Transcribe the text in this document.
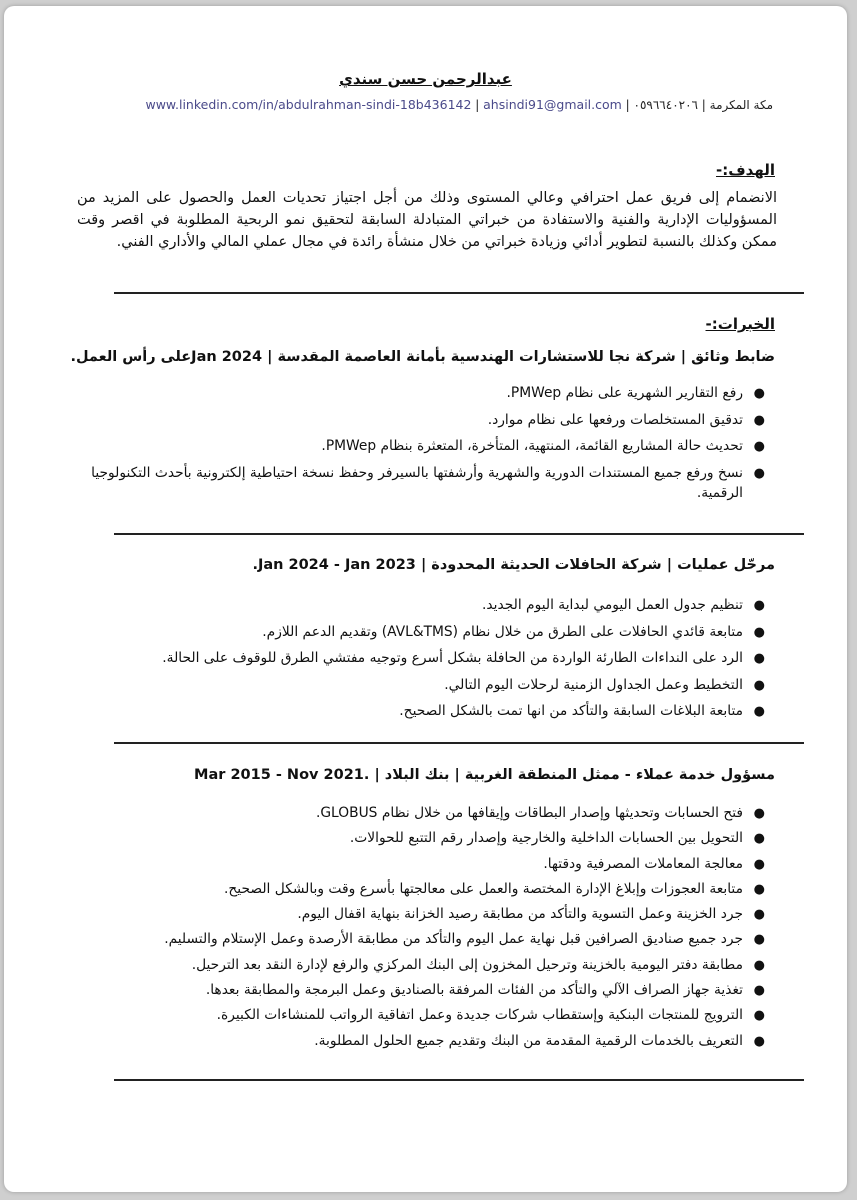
عبدالرحمن حسن سندي
مكة المكرمة | ٠٥٩٦٦٤٠٢٠٦ | ahsindi91@gmail.com | www.linkedin.com/in/abdulrahman-sindi-18b436142
الهدف:-
الانضمام إلى فريق عمل احترافي وعالي المستوى وذلك من أجل اجتياز تحديات العمل والحصول على المزيد من المسؤوليات الإدارية والفنية والاستفادة من خبراتي المتبادلة السابقة لتحقيق نمو الربحية المطلوبة في اقصر وقت ممكن وكذلك بالنسبة لتطوير أدائي وزيادة خبراتي من خلال منشأة رائدة في مجال عملي المالي والأداري الفني.
الخبرات:-
ضابط وثائق | شركة نجا للاستشارات الهندسية بأمانة العاصمة المقدسة | Jan 2024على رأس العمل.
●
رفع التقارير الشهرية على نظام PMWep.
●
تدقيق المستخلصات ورفعها على نظام موارد.
●
تحديث حالة المشاريع القائمة، المنتهية، المتأخرة، المتعثرة بنظام PMWep.
●
نسخ ورفع جميع المستندات الدورية والشهرية وأرشفتها بالسيرفر وحفظ نسخة احتياطية إلكترونية بأحدث التكنولوجيا الرقمية.
مرحّل عمليات | شركة الحافلات الحديثة المحدودة | Jan 2024 - Jan 2023.
●
تنظيم جدول العمل اليومي لبداية اليوم الجديد.
●
متابعة قائدي الحافلات على الطرق من خلال نظام (AVL&TMS) وتقديم الدعم اللازم.
●
الرد على النداءات الطارئة الواردة من الحافلة بشكل أسرع وتوجيه مفتشي الطرق للوقوف على الحالة.
●
التخطيط وعمل الجداول الزمنية لرحلات اليوم التالي.
●
متابعة البلاغات السابقة والتأكد من انها تمت بالشكل الصحيح.
مسؤول خدمة عملاء - ممثل المنطقة الغربية | بنك البلاد | .Mar 2015 - Nov 2021
●
فتح الحسابات وتحديثها وإصدار البطاقات وإيقافها من خلال نظام GLOBUS.
●
التحويل بين الحسابات الداخلية والخارجية وإصدار رقم التتبع للحوالات.
●
معالجة المعاملات المصرفية ودقتها.
●
متابعة العجوزات وإبلاغ الإدارة المختصة والعمل على معالجتها بأسرع وقت وبالشكل الصحيح.
●
جرد الخزينة وعمل التسوية والتأكد من مطابقة رصيد الخزانة بنهاية اقفال اليوم.
●
جرد جميع صناديق الصرافين قبل نهاية عمل اليوم والتأكد من مطابقة الأرصدة وعمل الإستلام والتسليم.
●
مطابقة دفتر اليومية بالخزينة وترحيل المخزون إلى البنك المركزي والرفع لإدارة النقد بعد الترحيل.
●
تغذية جهاز الصراف الآلي والتأكد من الفئات المرفقة بالصناديق وعمل البرمجة والمطابقة بعدها.
●
الترويج للمنتجات البنكية وإستقطاب شركات جديدة وعمل اتفاقية الرواتب للمنشاءات الكبيرة.
●
التعريف بالخدمات الرقمية المقدمة من البنك وتقديم جميع الحلول المطلوبة.
